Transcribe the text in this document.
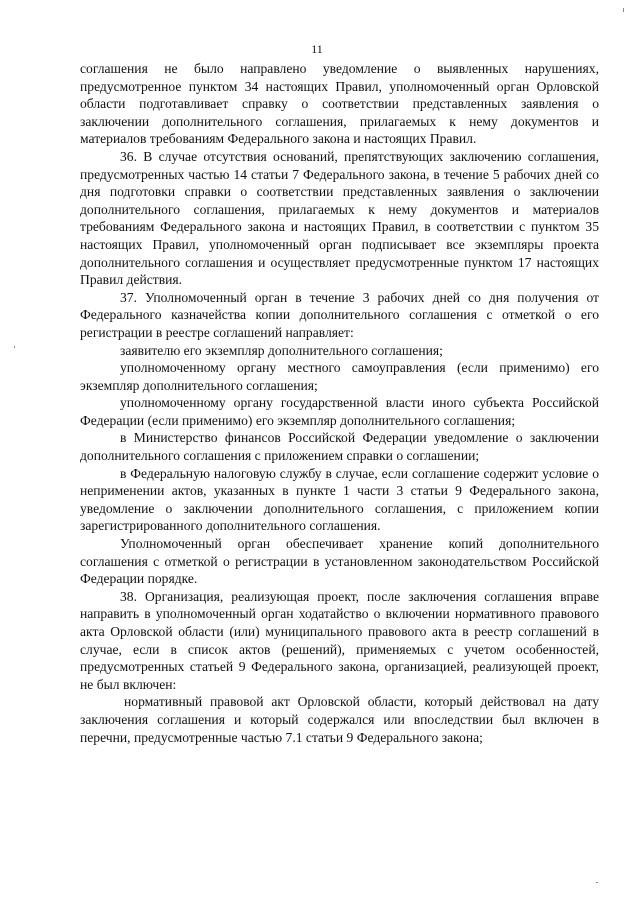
11

соглашения не было направлено уведомление о выявленных нарушениях, предусмотренное пунктом 34 настоящих Правил, уполномоченный орган Орловской области подготавливает справку о соответствии представленных заявления о заключении дополнительного соглашения, прилагаемых к нему документов и материалов требованиям Федерального закона и настоящих Правил.

36. В случае отсутствия оснований, препятствующих заключению соглашения, предусмотренных частью 14 статьи 7 Федерального закона, в течение 5 рабочих дней со дня подготовки справки о соответствии представленных заявления о заключении дополнительного соглашения, прилагаемых к нему документов и материалов требованиям Федерального закона и настоящих Правил, в соответствии с пунктом 35 настоящих Правил, уполномоченный орган подписывает все экземпляры проекта дополнительного соглашения и осуществляет предусмотренные пунктом 17 настоящих Правил действия.

37. Уполномоченный орган в течение 3 рабочих дней со дня получения от Федерального казначейства копии дополнительного соглашения с отметкой о его регистрации в реестре соглашений направляет:

заявителю его экземпляр дополнительного соглашения;

уполномоченному органу местного самоуправления (если применимо) его экземпляр дополнительного соглашения;

уполномоченному органу государственной власти иного субъекта Российской Федерации (если применимо) его экземпляр дополнительного соглашения;

в Министерство финансов Российской Федерации уведомление о заключении дополнительного соглашения с приложением справки о соглашении;

в Федеральную налоговую службу в случае, если соглашение содержит условие о неприменении актов, указанных в пункте 1 части 3 статьи 9 Федерального закона, уведомление о заключении дополнительного соглашения, с приложением копии зарегистрированного дополнительного соглашения.

Уполномоченный орган обеспечивает хранение копий дополнительного соглашения с отметкой о регистрации в установленном законодательством Российской Федерации порядке.

38. Организация, реализующая проект, после заключения соглашения вправе направить в уполномоченный орган ходатайство о включении нормативного правового акта Орловской области (или) муниципального правового акта в реестр соглашений в случае, если в список актов (решений), применяемых с учетом особенностей, предусмотренных статьей 9 Федерального закона, организацией, реализующей проект, не был включен:

нормативный правовой акт Орловской области, который действовал на дату заключения соглашения и который содержался или впоследствии был включен в перечни, предусмотренные частью 7.1 статьи 9 Федерального закона;
